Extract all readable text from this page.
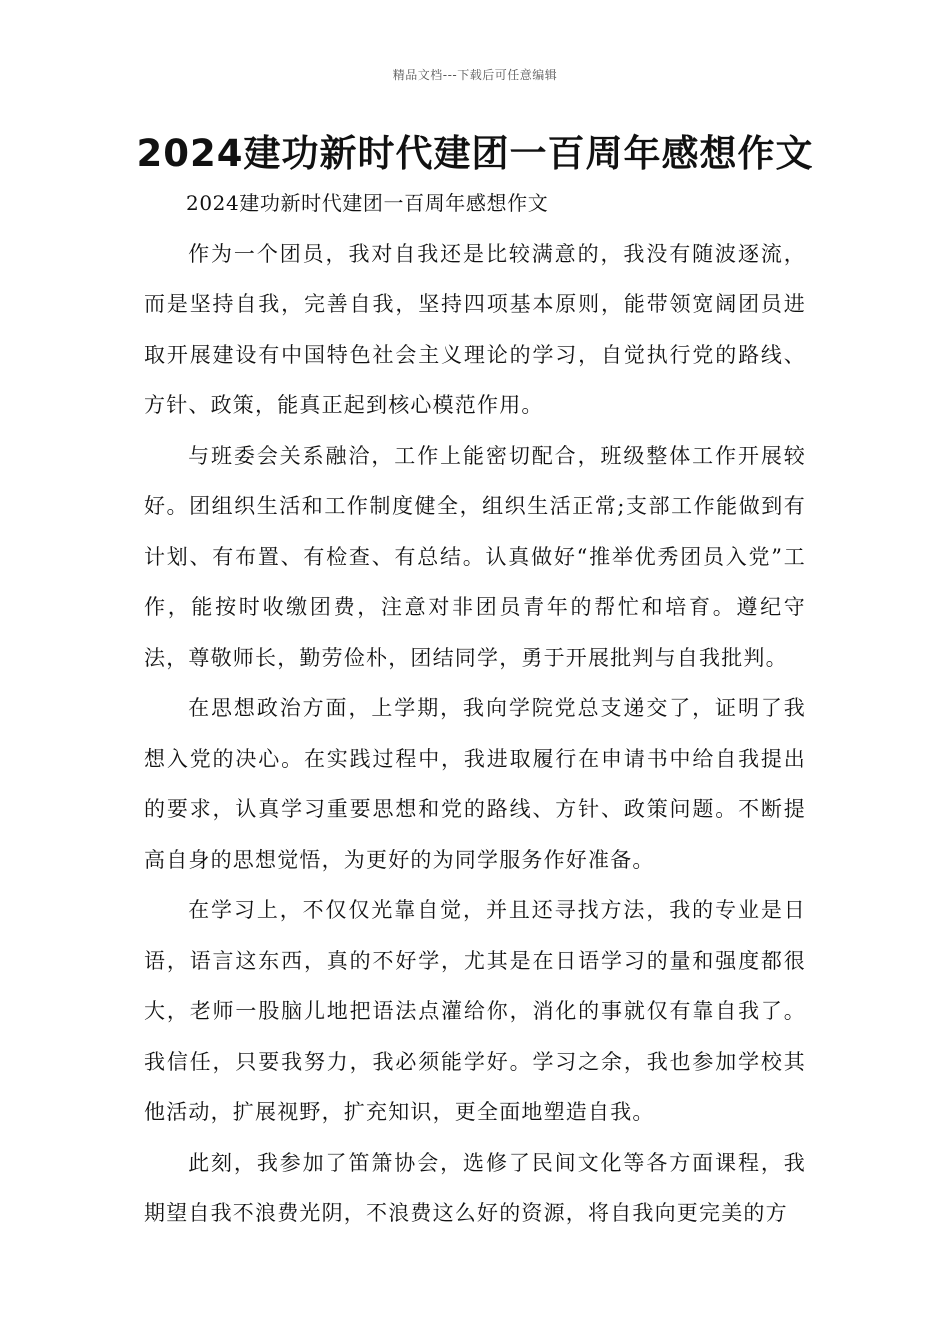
精品文档---下载后可任意编辑
2024建功新时代建团一百周年感想作文

2024建功新时代建团一百周年感想作文

作为一个团员，我对自我还是比较满意的，我没有随波逐流，而是坚持自我，完善自我，坚持四项基本原则，能带领宽阔团员进取开展建设有中国特色社会主义理论的学习，自觉执行党的路线、方针、政策，能真正起到核心模范作用。

与班委会关系融洽，工作上能密切配合，班级整体工作开展较好。团组织生活和工作制度健全，组织生活正常;支部工作能做到有计划、有布置、有检查、有总结。认真做好“推举优秀团员入党”工作，能按时收缴团费，注意对非团员青年的帮忙和培育。遵纪守法，尊敬师长，勤劳俭朴，团结同学，勇于开展批判与自我批判。

在思想政治方面，上学期，我向学院党总支递交了，证明了我想入党的决心。在实践过程中，我进取履行在申请书中给自我提出的要求，认真学习重要思想和党的路线、方针、政策问题。不断提高自身的思想觉悟，为更好的为同学服务作好准备。

在学习上，不仅仅光靠自觉，并且还寻找方法，我的专业是日语，语言这东西，真的不好学，尤其是在日语学习的量和强度都很大，老师一股脑儿地把语法点灌给你，消化的事就仅有靠自我了。我信任，只要我努力，我必须能学好。学习之余，我也参加学校其他活动，扩展视野，扩充知识，更全面地塑造自我。

此刻，我参加了笛箫协会，选修了民间文化等各方面课程，我期望自我不浪费光阴，不浪费这么好的资源，将自我向更完美的方
